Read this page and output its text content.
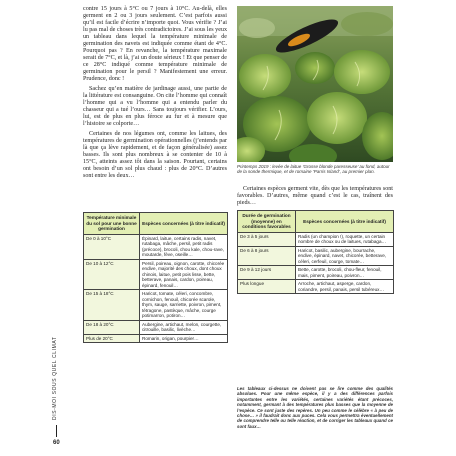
DIS-MOI SOUS QUEL CLIMAT
60

contre 15 jours à 5°C ou 7 jours à 10°C. Au-delà, elles germent en 2 ou 3 jours seulement. C’est parfois aussi qu’il est facile d’écrire n’importe quoi. Vous vérifie ? J’ai lu pas mal de choses très contradictoires. J’ai sous les yeux un tableau dans lequel la température minimale de germination des navets est indiquée comme étant de 4°C. Pourquoi pas ? En revanche, la température maximale serait de 7°C, et là, j’ai un doute sérieux ! Et que penser de ce 28°C indiqué comme température minimale de germination pour le persil ? Manifestement une erreur. Prudence, donc !

Sachez qu’en matière de jardinage aussi, une partie de la littérature est consanguine. On cite l’homme qui connaît l’homme qui a vu l’homme qui a entendu parler du chasseur qui a tué l’ours… Sans toujours vérifier. L’ours, lui, est de plus en plus féroce au fur et à mesure que l’histoire se colporte…

Certaines de nos légumes ont, comme les laitues, des températures de germination opérationnelles (j’entends par là que ça lève rapidement, et de façon généralisée) assez basses. Ils sont plus nombreux à se contenter de 10 à 15°C, atteints assez tôt dans la saison. Pourtant, certains ont besoin d’un sol plus chaud : plus de 20°C. D’autres sont entre les deux…

Printemps 2019 : levée de laitue ‘Grosse blonde paresseuse’ au fond, autour de la sonde thermique, et de romaine ‘Parris Island’, au premier plan.

Certaines espèces germent vite, dès que les températures sont favorables. D’autres, même quand c’est le cas, traînent des pieds…

Température minimale du sol pour une bonne germination	Espèces concernées (à titre indicatif)
De 0 à 10°C	Épinard, laitue, certains radis, navet, rutabaga, mâche, persil, petit radis (précoce), brocoli, chou kale, chou-rave, moutarde, fève, oseille…
De 10 à 12°C	Persil, poireau, oignon, carotte, chicorée endive, majorité des choux, dont choux chinois, laitue, petit pois lisse, bette, betterave, panais, cardon, poireau, épinard, fenouil…
De 15 à 18°C	Haricot, tomate, céleri, concombre, cornichon, fenouil, chicorée scarole, thym, sauge, sarriette, poivron, piment, tétragone, pastèque, mâche, courge potimarron, potiron…
De 18 à 20°C	Aubergine, artichaut, melon, courgette, citrouille, basilic, livèche…
Plus de 20°C	Romarin, origan, pourpier…
Durée de germination (moyenne) en conditions favorables	Espèces concernées (à titre indicatif)
De 3 à 5 jours	Radis (un champion !), roquette, un certain nombre de choux ou de laitues, rutabaga…
De 6 à 8 jours	Haricot, basilic, aubergine, bourrache, endive, épinard, navet, chicorée, betterave, céleri, cerfeuil, courge, tomate…
De 9 à 12 jours	Bette, carotte, brocoli, chou-fleur, fenouil, mais, piment, poireau, poivron…
Plus longue	Arroche, artichaut, asperge, cardon, coriandre, persil, panais, persil tubéreux…
Les tableaux ci-dessus ne doivent pas se lire comme des qualités absolues. Pour une même espèce, il y a des différences parfois importantes entre les variétés, certaines variétés étant précoces, notamment, germant à des températures plus basses que la moyenne de l’espèce. Ce sont juste des repères. Un peu comme le célèbre « à peu de chose… » il faudrait donc aux puces. Cela vous permettra éventuellement de comprendre telle ou telle réaction, et de corriger les tableaux quand ce sont faux…
